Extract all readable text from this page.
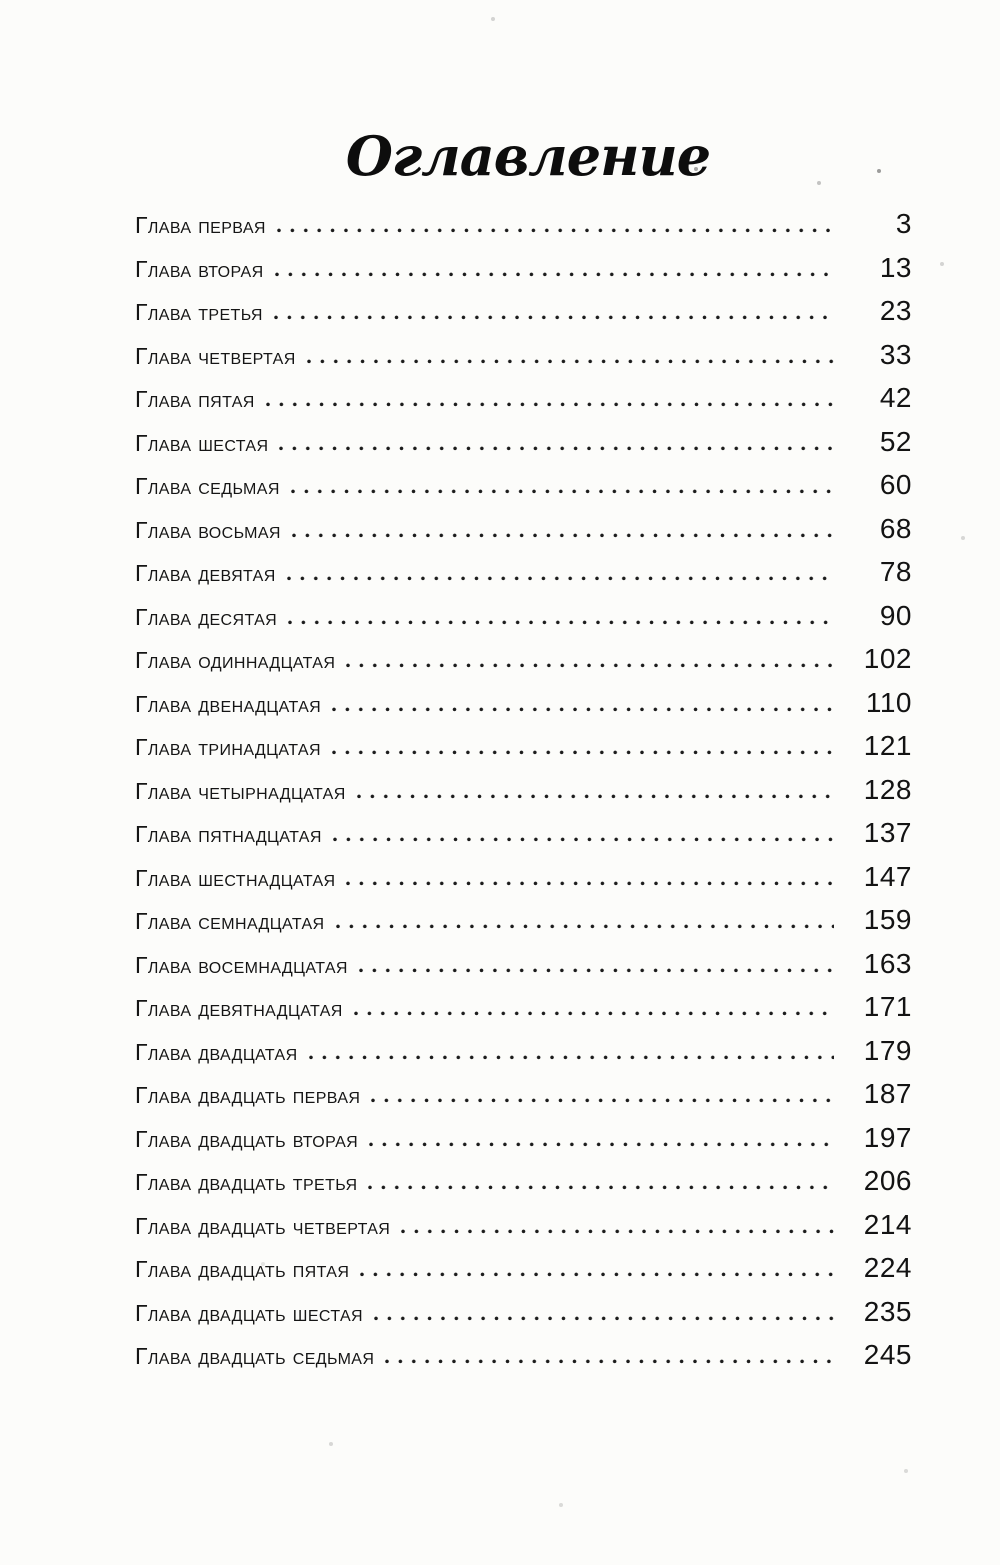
Оглавление
Глава первая	3
Глава вторая	13
Глава третья	23
Глава четвертая	33
Глава пятая	42
Глава шестая	52
Глава седьмая	60
Глава восьмая	68
Глава девятая	78
Глава десятая	90
Глава одиннадцатая	102
Глава двенадцатая	110
Глава тринадцатая	121
Глава четырнадцатая	128
Глава пятнадцатая	137
Глава шестнадцатая	147
Глава семнадцатая	159
Глава восемнадцатая	163
Глава девятнадцатая	171
Глава двадцатая	179
Глава двадцать первая	187
Глава двадцать вторая	197
Глава двадцать третья	206
Глава двадцать четвертая	214
Глава двадцать пятая	224
Глава двадцать шестая	235
Глава двадцать седьмая	245
